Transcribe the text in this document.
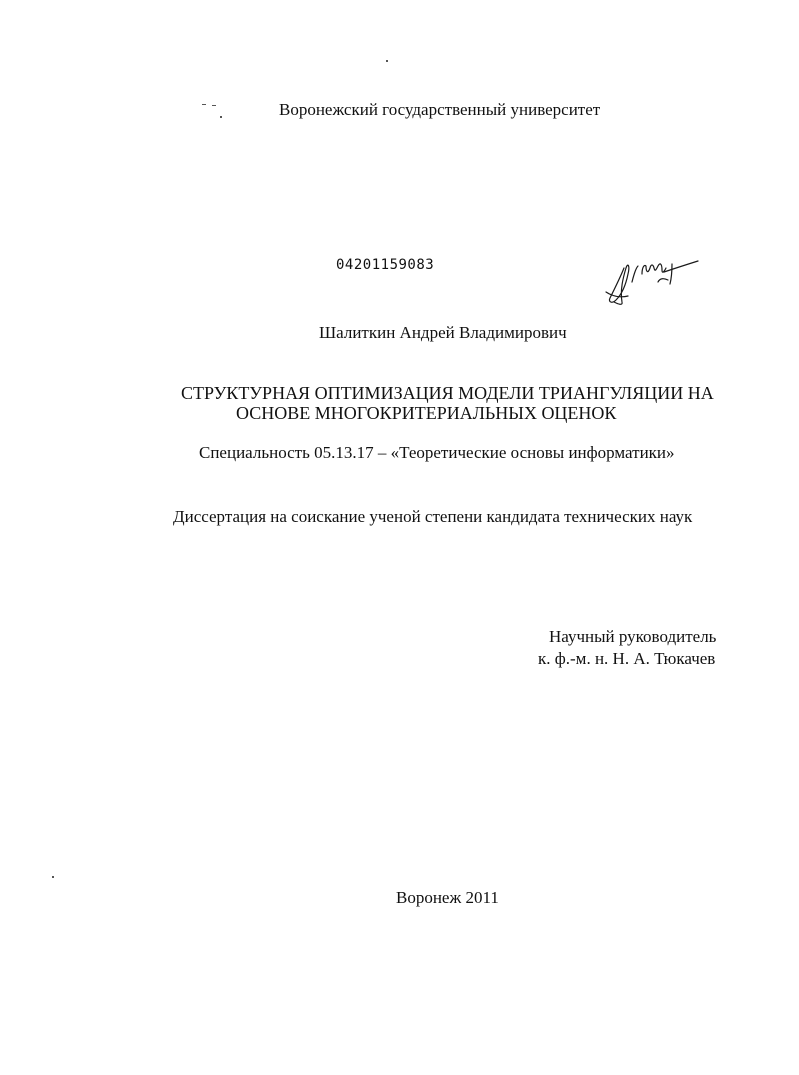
Воронежский государственный университет
04201159083
Шалиткин Андрей Владимирович
СТРУКТУРНАЯ ОПТИМИЗАЦИЯ МОДЕЛИ ТРИАНГУЛЯЦИИ НА
ОСНОВЕ МНОГОКРИТЕРИАЛЬНЫХ ОЦЕНОК
Специальность 05.13.17 – «Теоретические основы информатики»
Диссертация на соискание ученой степени кандидата технических наук
Научный руководитель
к. ф.-м. н. Н. А. Тюкачев
Воронеж 2011
